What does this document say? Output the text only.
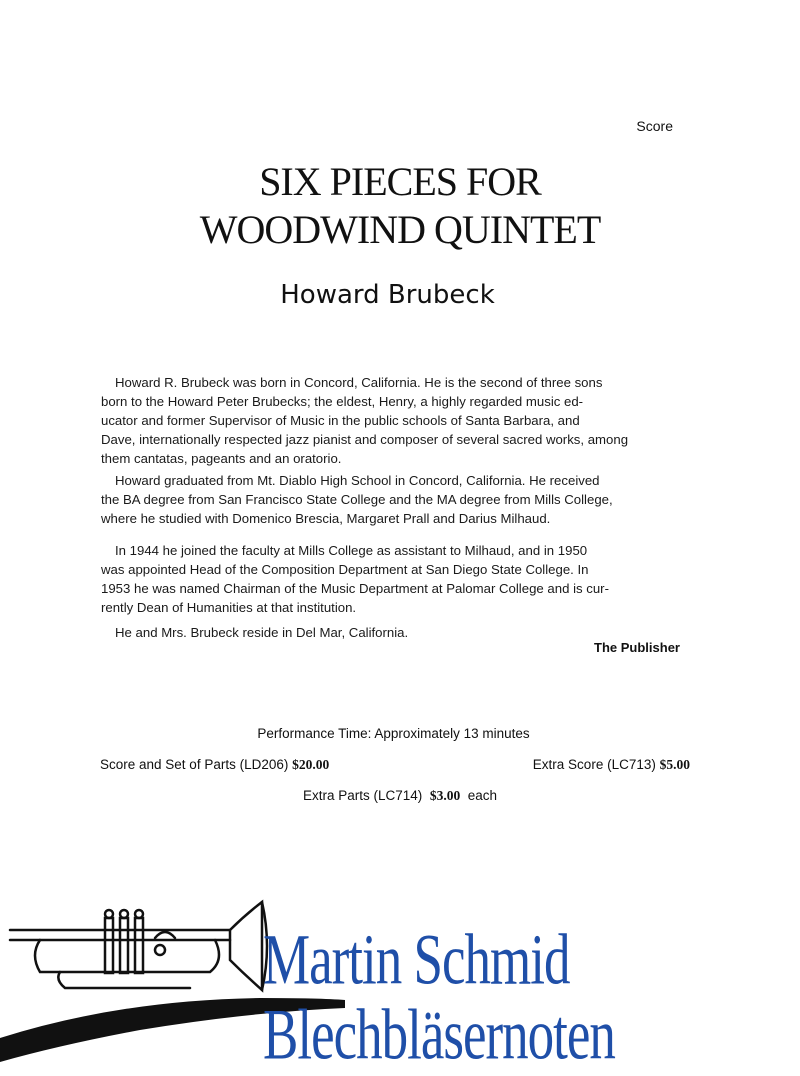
Score
SIX PIECES FOR
WOODWIND QUINTET
Howard Brubeck
Howard R. Brubeck was born in Concord, California. He is the second of three sons
born to the Howard Peter Brubecks; the eldest, Henry, a highly regarded music ed-
ucator and former Supervisor of Music in the public schools of Santa Barbara, and
Dave, internationally respected jazz pianist and composer of several sacred works, among
them cantatas, pageants and an oratorio.
Howard graduated from Mt. Diablo High School in Concord, California. He received
the BA degree from San Francisco State College and the MA degree from Mills College,
where he studied with Domenico Brescia, Margaret Prall and Darius Milhaud.
In 1944 he joined the faculty at Mills College as assistant to Milhaud, and in 1950
was appointed Head of the Composition Department at San Diego State College. In
1953 he was named Chairman of the Music Department at Palomar College and is cur-
rently Dean of Humanities at that institution.
He and Mrs. Brubeck reside in Del Mar, California.
The Publisher
Performance Time: Approximately 13 minutes
Score and Set of Parts (LD206) $20.00	Extra Score (LC713) $5.00
Extra Parts (LC714) $3.00 each
Martin Schmid
Blechbläsernoten
